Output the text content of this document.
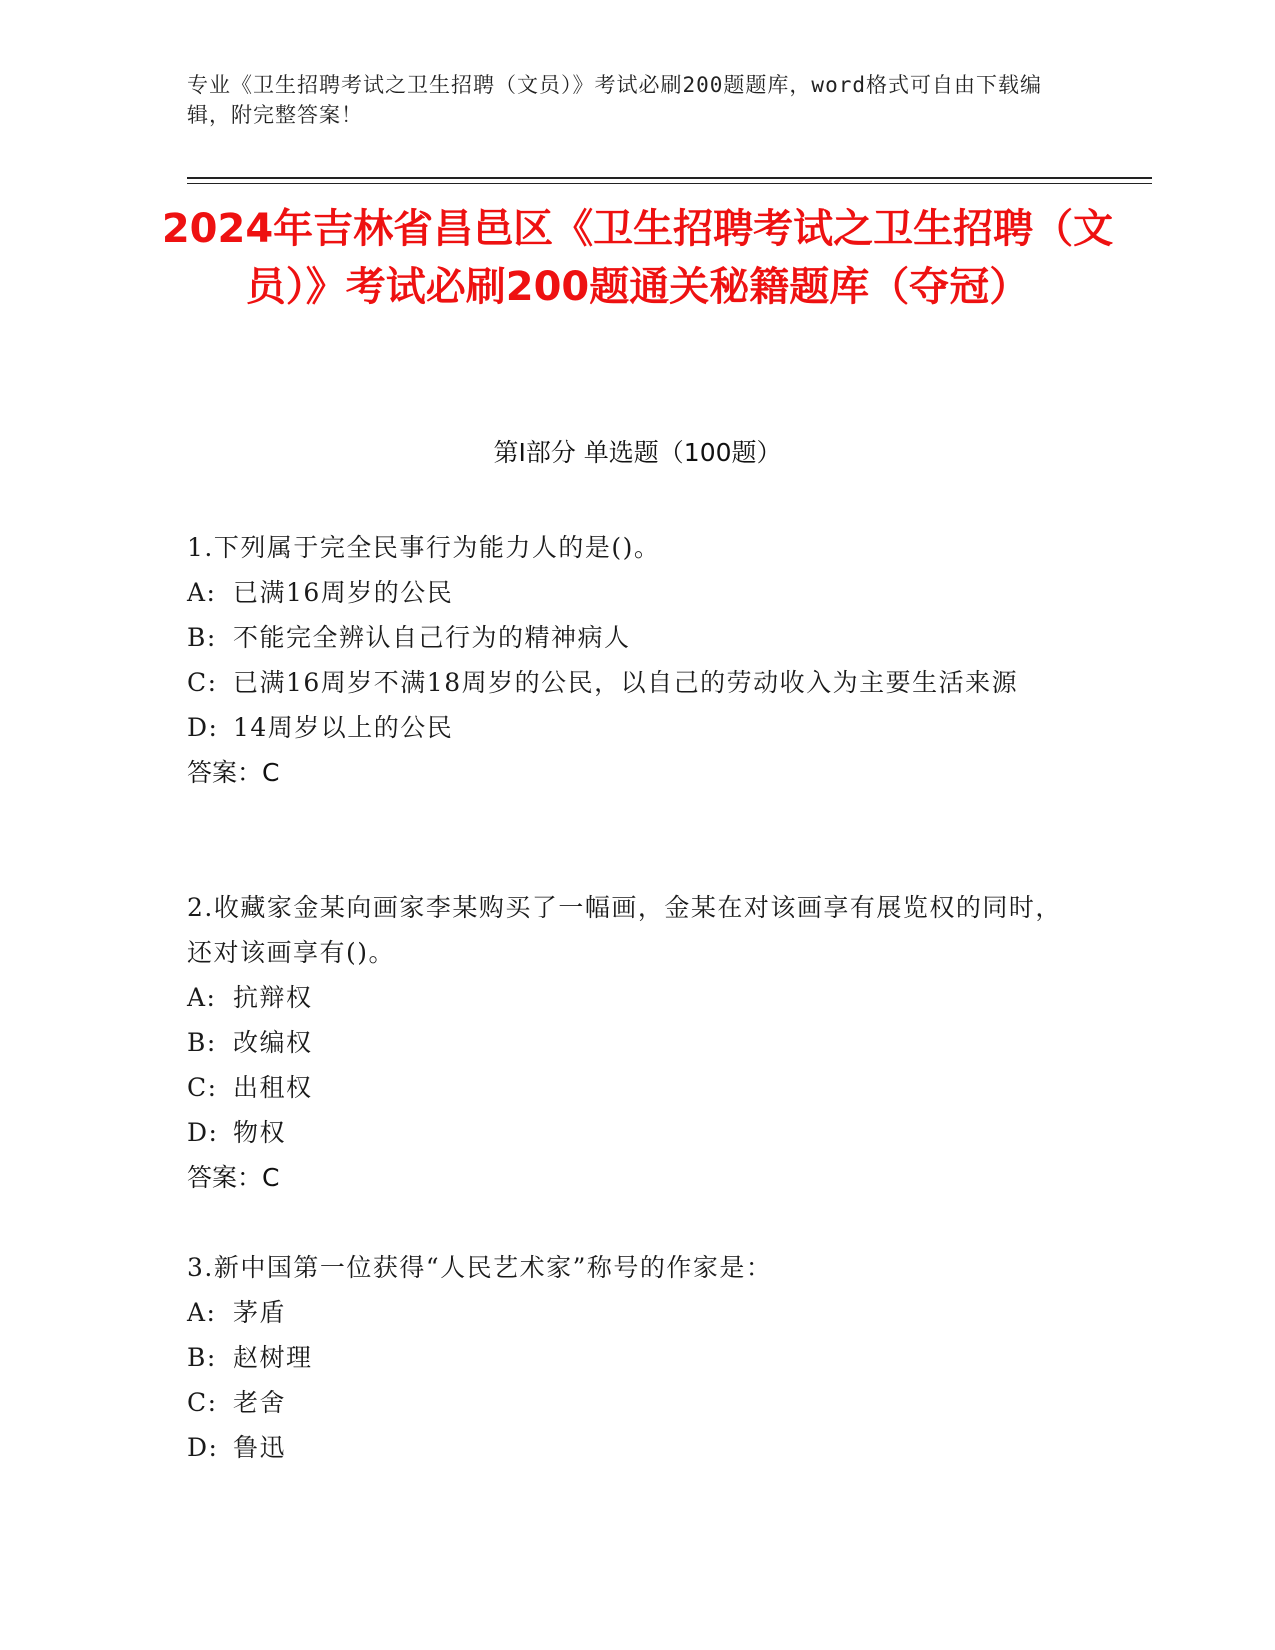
专业《卫生招聘考试之卫生招聘（文员）》考试必刷200题题库，word格式可自由下载编辑，附完整答案！
2024年吉林省昌邑区《卫生招聘考试之卫生招聘（文员）》考试必刷200题通关秘籍题库（夺冠）
第I部分 单选题（100题）
1.下列属于完全民事行为能力人的是()。
A: 已满16周岁的公民
B: 不能完全辨认自己行为的精神病人
C: 已满16周岁不满18周岁的公民，以自己的劳动收入为主要生活来源
D: 14周岁以上的公民
答案：C
2.收藏家金某向画家李某购买了一幅画，金某在对该画享有展览权的同时，还对该画享有()。
A: 抗辩权
B: 改编权
C: 出租权
D: 物权
答案：C
3.新中国第一位获得“人民艺术家”称号的作家是：
A: 茅盾
B: 赵树理
C: 老舍
D: 鲁迅
